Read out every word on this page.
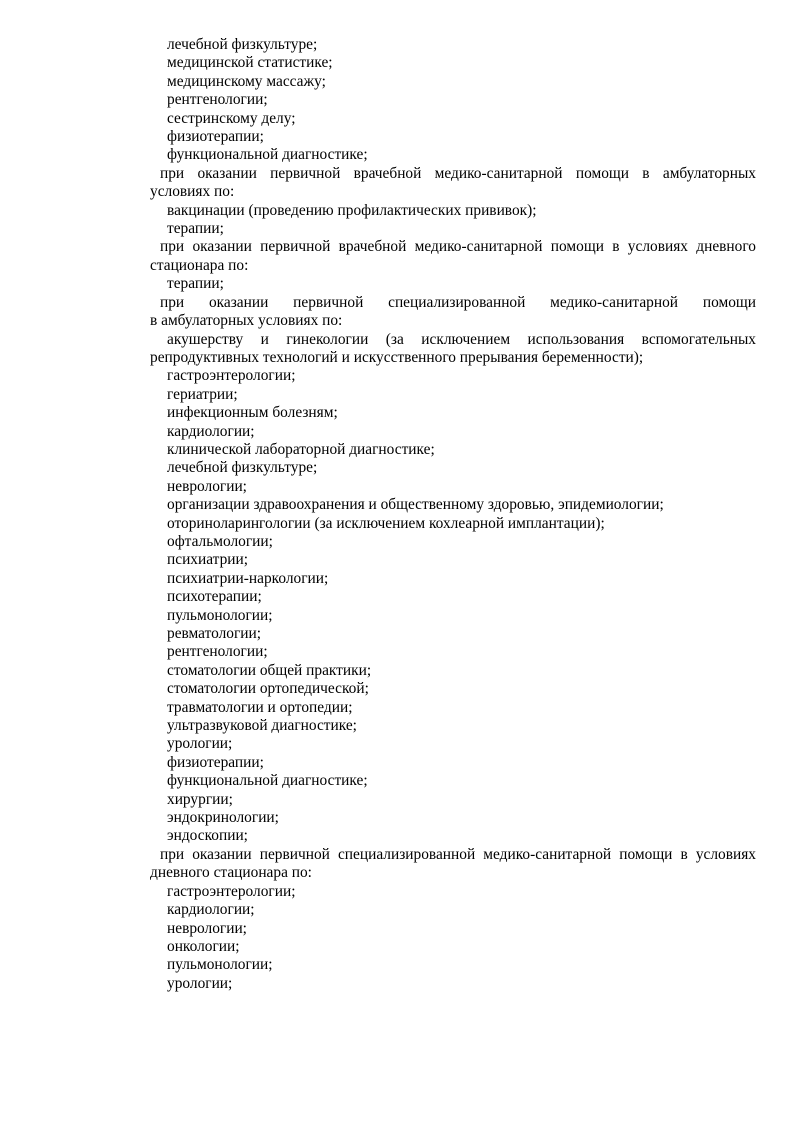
лечебной физкультуре;
медицинской статистике;
медицинскому массажу;
рентгенологии;
сестринскому делу;
физиотерапии;
функциональной диагностике;
при оказании первичной врачебной медико-санитарной помощи в амбулаторных
условиях по:
вакцинации (проведению профилактических прививок);
терапии;
при оказании первичной врачебной медико-санитарной помощи в условиях дневного
стационара по:
терапии;
при оказании первичной специализированной медико-санитарной помощи
в амбулаторных условиях по:
акушерству и гинекологии (за исключением использования вспомогательных
репродуктивных технологий и искусственного прерывания беременности);
гастроэнтерологии;
гериатрии;
инфекционным болезням;
кардиологии;
клинической лабораторной диагностике;
лечебной физкультуре;
неврологии;
организации здравоохранения и общественному здоровью, эпидемиологии;
оториноларингологии (за исключением кохлеарной имплантации);
офтальмологии;
психиатрии;
психиатрии-наркологии;
психотерапии;
пульмонологии;
ревматологии;
рентгенологии;
стоматологии общей практики;
стоматологии ортопедической;
травматологии и ортопедии;
ультразвуковой диагностике;
урологии;
физиотерапии;
функциональной диагностике;
хирургии;
эндокринологии;
эндоскопии;
при оказании первичной специализированной медико-санитарной помощи в условиях
дневного стационара по:
гастроэнтерологии;
кардиологии;
неврологии;
онкологии;
пульмонологии;
урологии;
